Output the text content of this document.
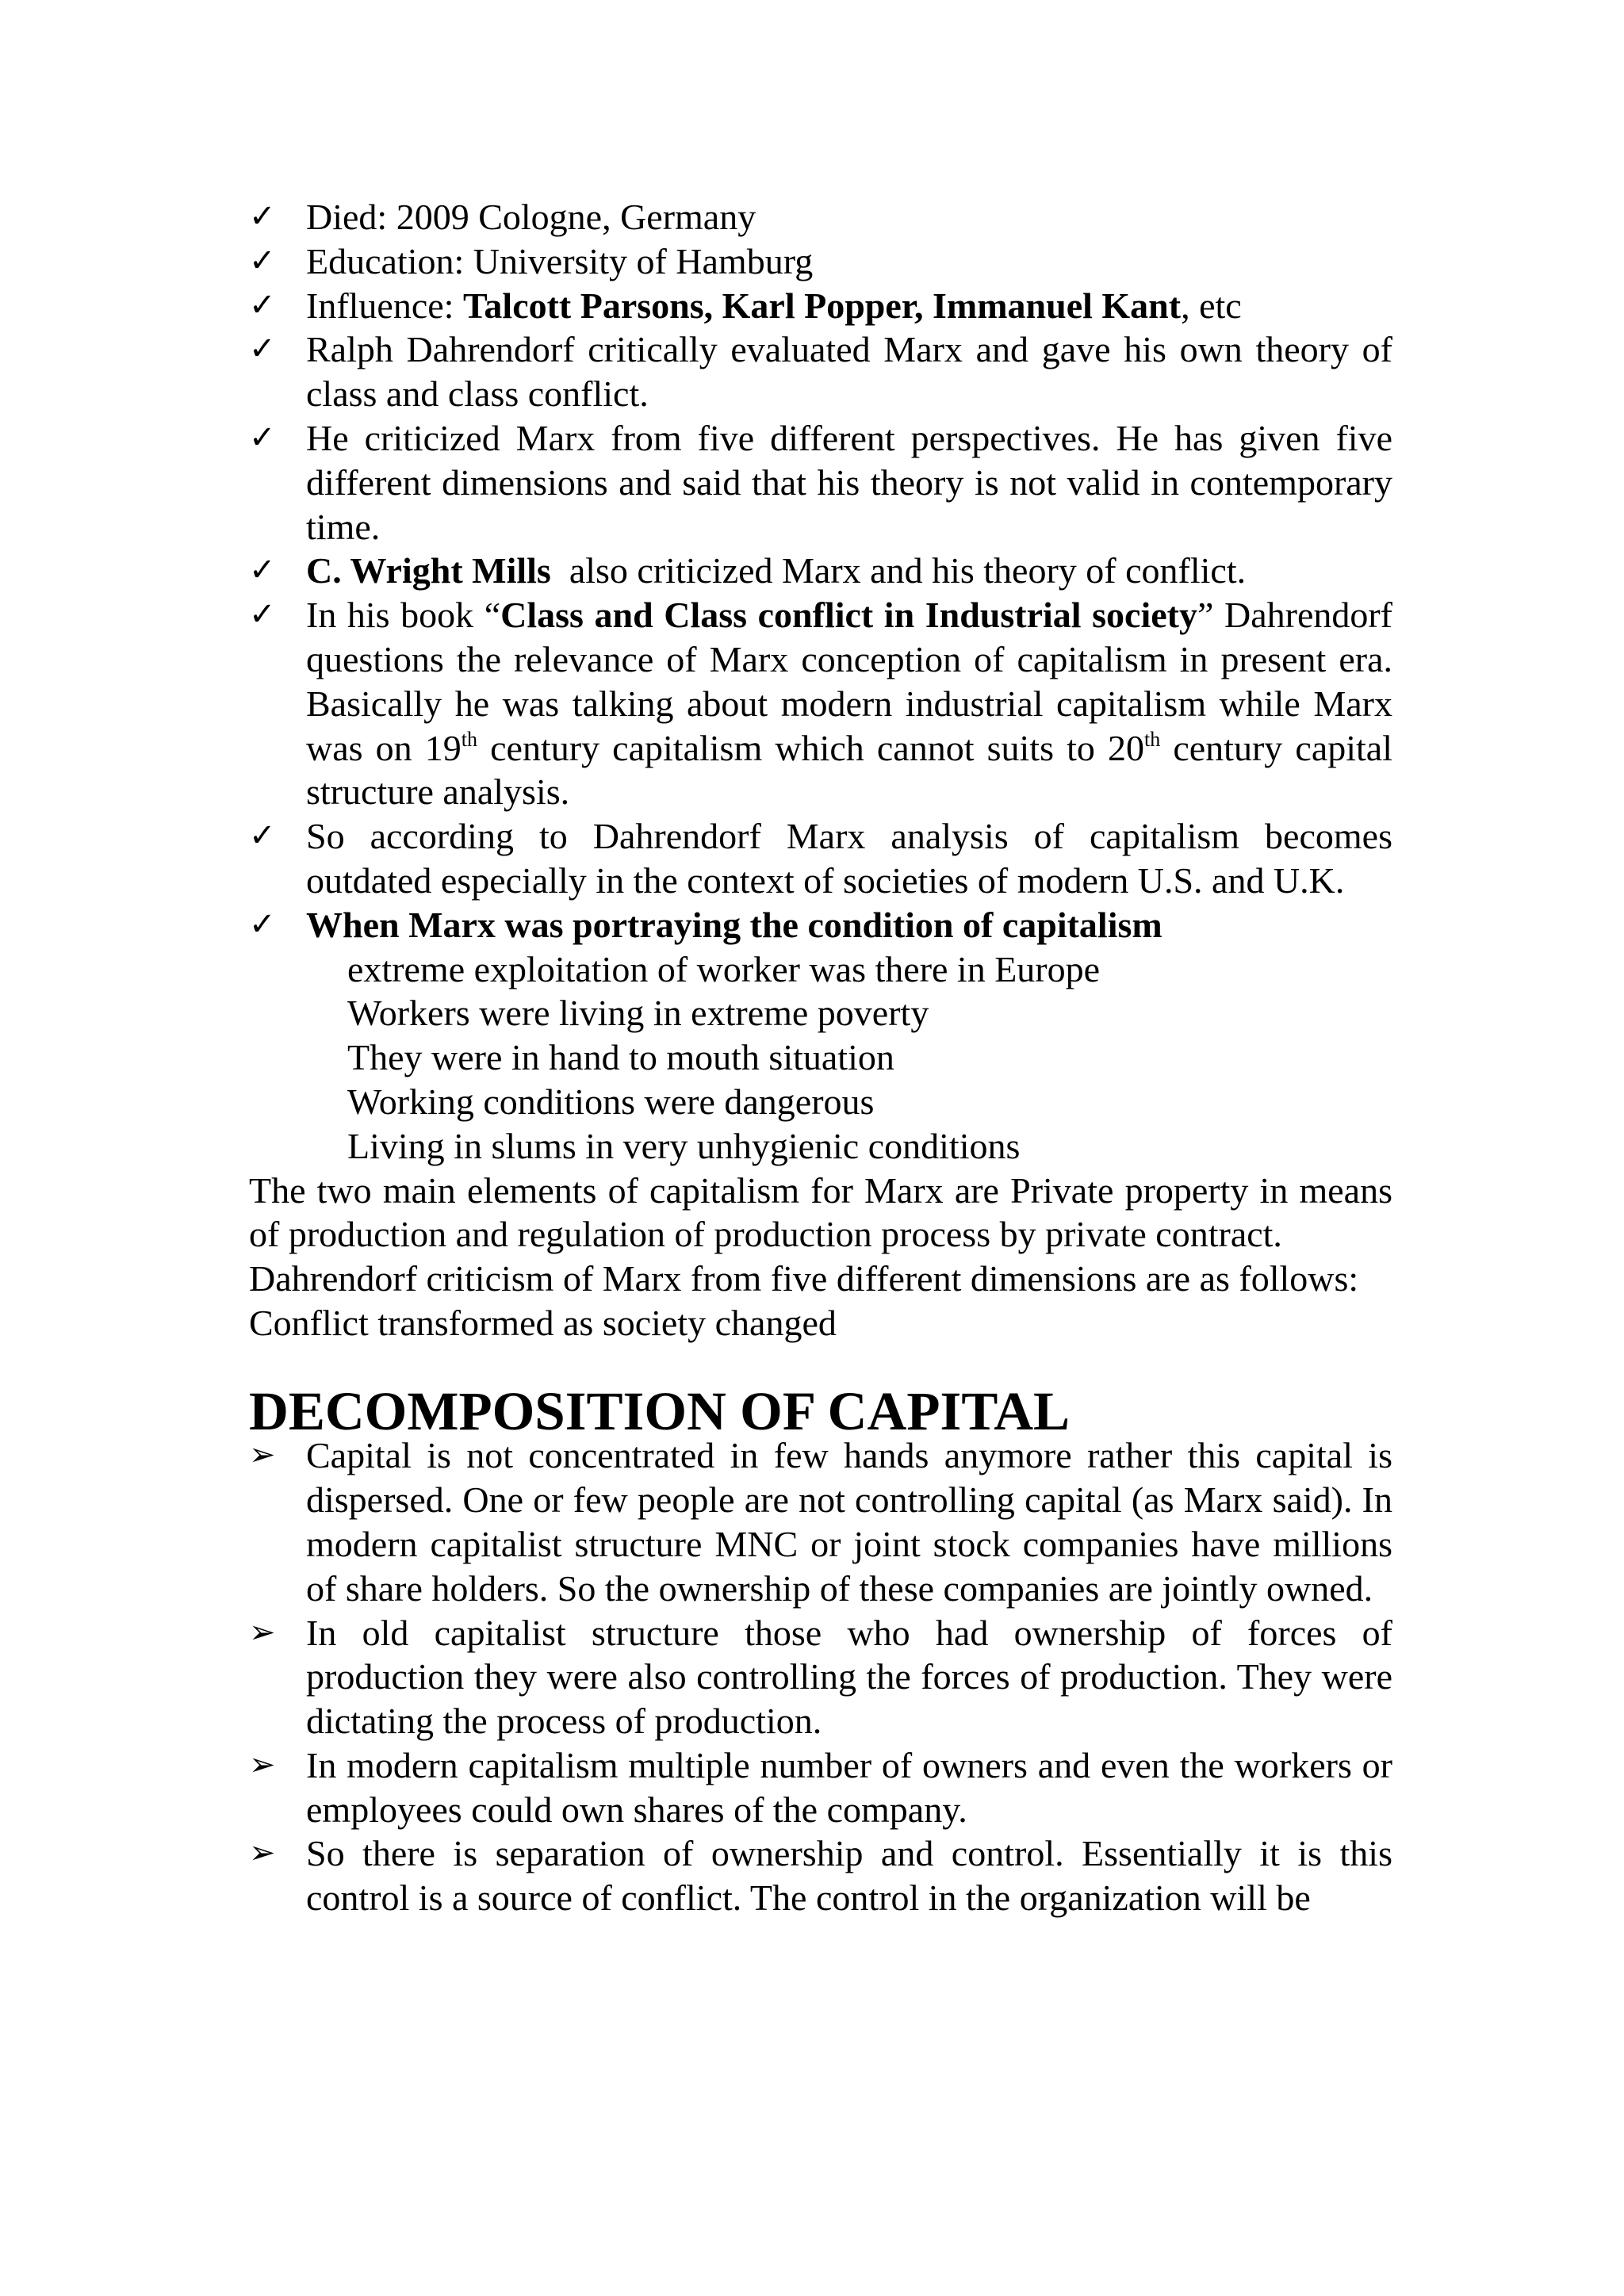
✓ Died: 2009 Cologne, Germany
✓ Education: University of Hamburg
✓ Influence: Talcott Parsons, Karl Popper, Immanuel Kant, etc
✓ Ralph Dahrendorf critically evaluated Marx and gave his own theory of class and class conflict.
✓ He criticized Marx from five different perspectives. He has given five different dimensions and said that his theory is not valid in contemporary time.
✓ C. Wright Mills  also criticized Marx and his theory of conflict.
✓ In his book “Class and Class conflict in Industrial society” Dahrendorf questions the relevance of Marx conception of capitalism in present era. Basically he was talking about modern industrial capitalism while Marx was on 19th century capitalism which cannot suits to 20th century capital structure analysis.
✓ So according to Dahrendorf Marx analysis of capitalism becomes outdated especially in the context of societies of modern U.S. and U.K.
✓ When Marx was portraying the condition of capitalism
extreme exploitation of worker was there in Europe
Workers were living in extreme poverty
They were in hand to mouth situation
Working conditions were dangerous
Living in slums in very unhygienic conditions

The two main elements of capitalism for Marx are Private property in means of production and regulation of production process by private contract.

Dahrendorf criticism of Marx from five different dimensions are as follows:

Conflict transformed as society changed

DECOMPOSITION OF CAPITAL
➢ Capital is not concentrated in few hands anymore rather this capital is dispersed. One or few people are not controlling capital (as Marx said). In modern capitalist structure MNC or joint stock companies have millions of share holders. So the ownership of these companies are jointly owned.
➢ In old capitalist structure those who had ownership of forces of production they were also controlling the forces of production. They were dictating the process of production.
➢ In modern capitalism multiple number of owners and even the workers or employees could own shares of the company.
➢ So there is separation of ownership and control. Essentially it is this control is a source of conflict. The control in the organization will be
